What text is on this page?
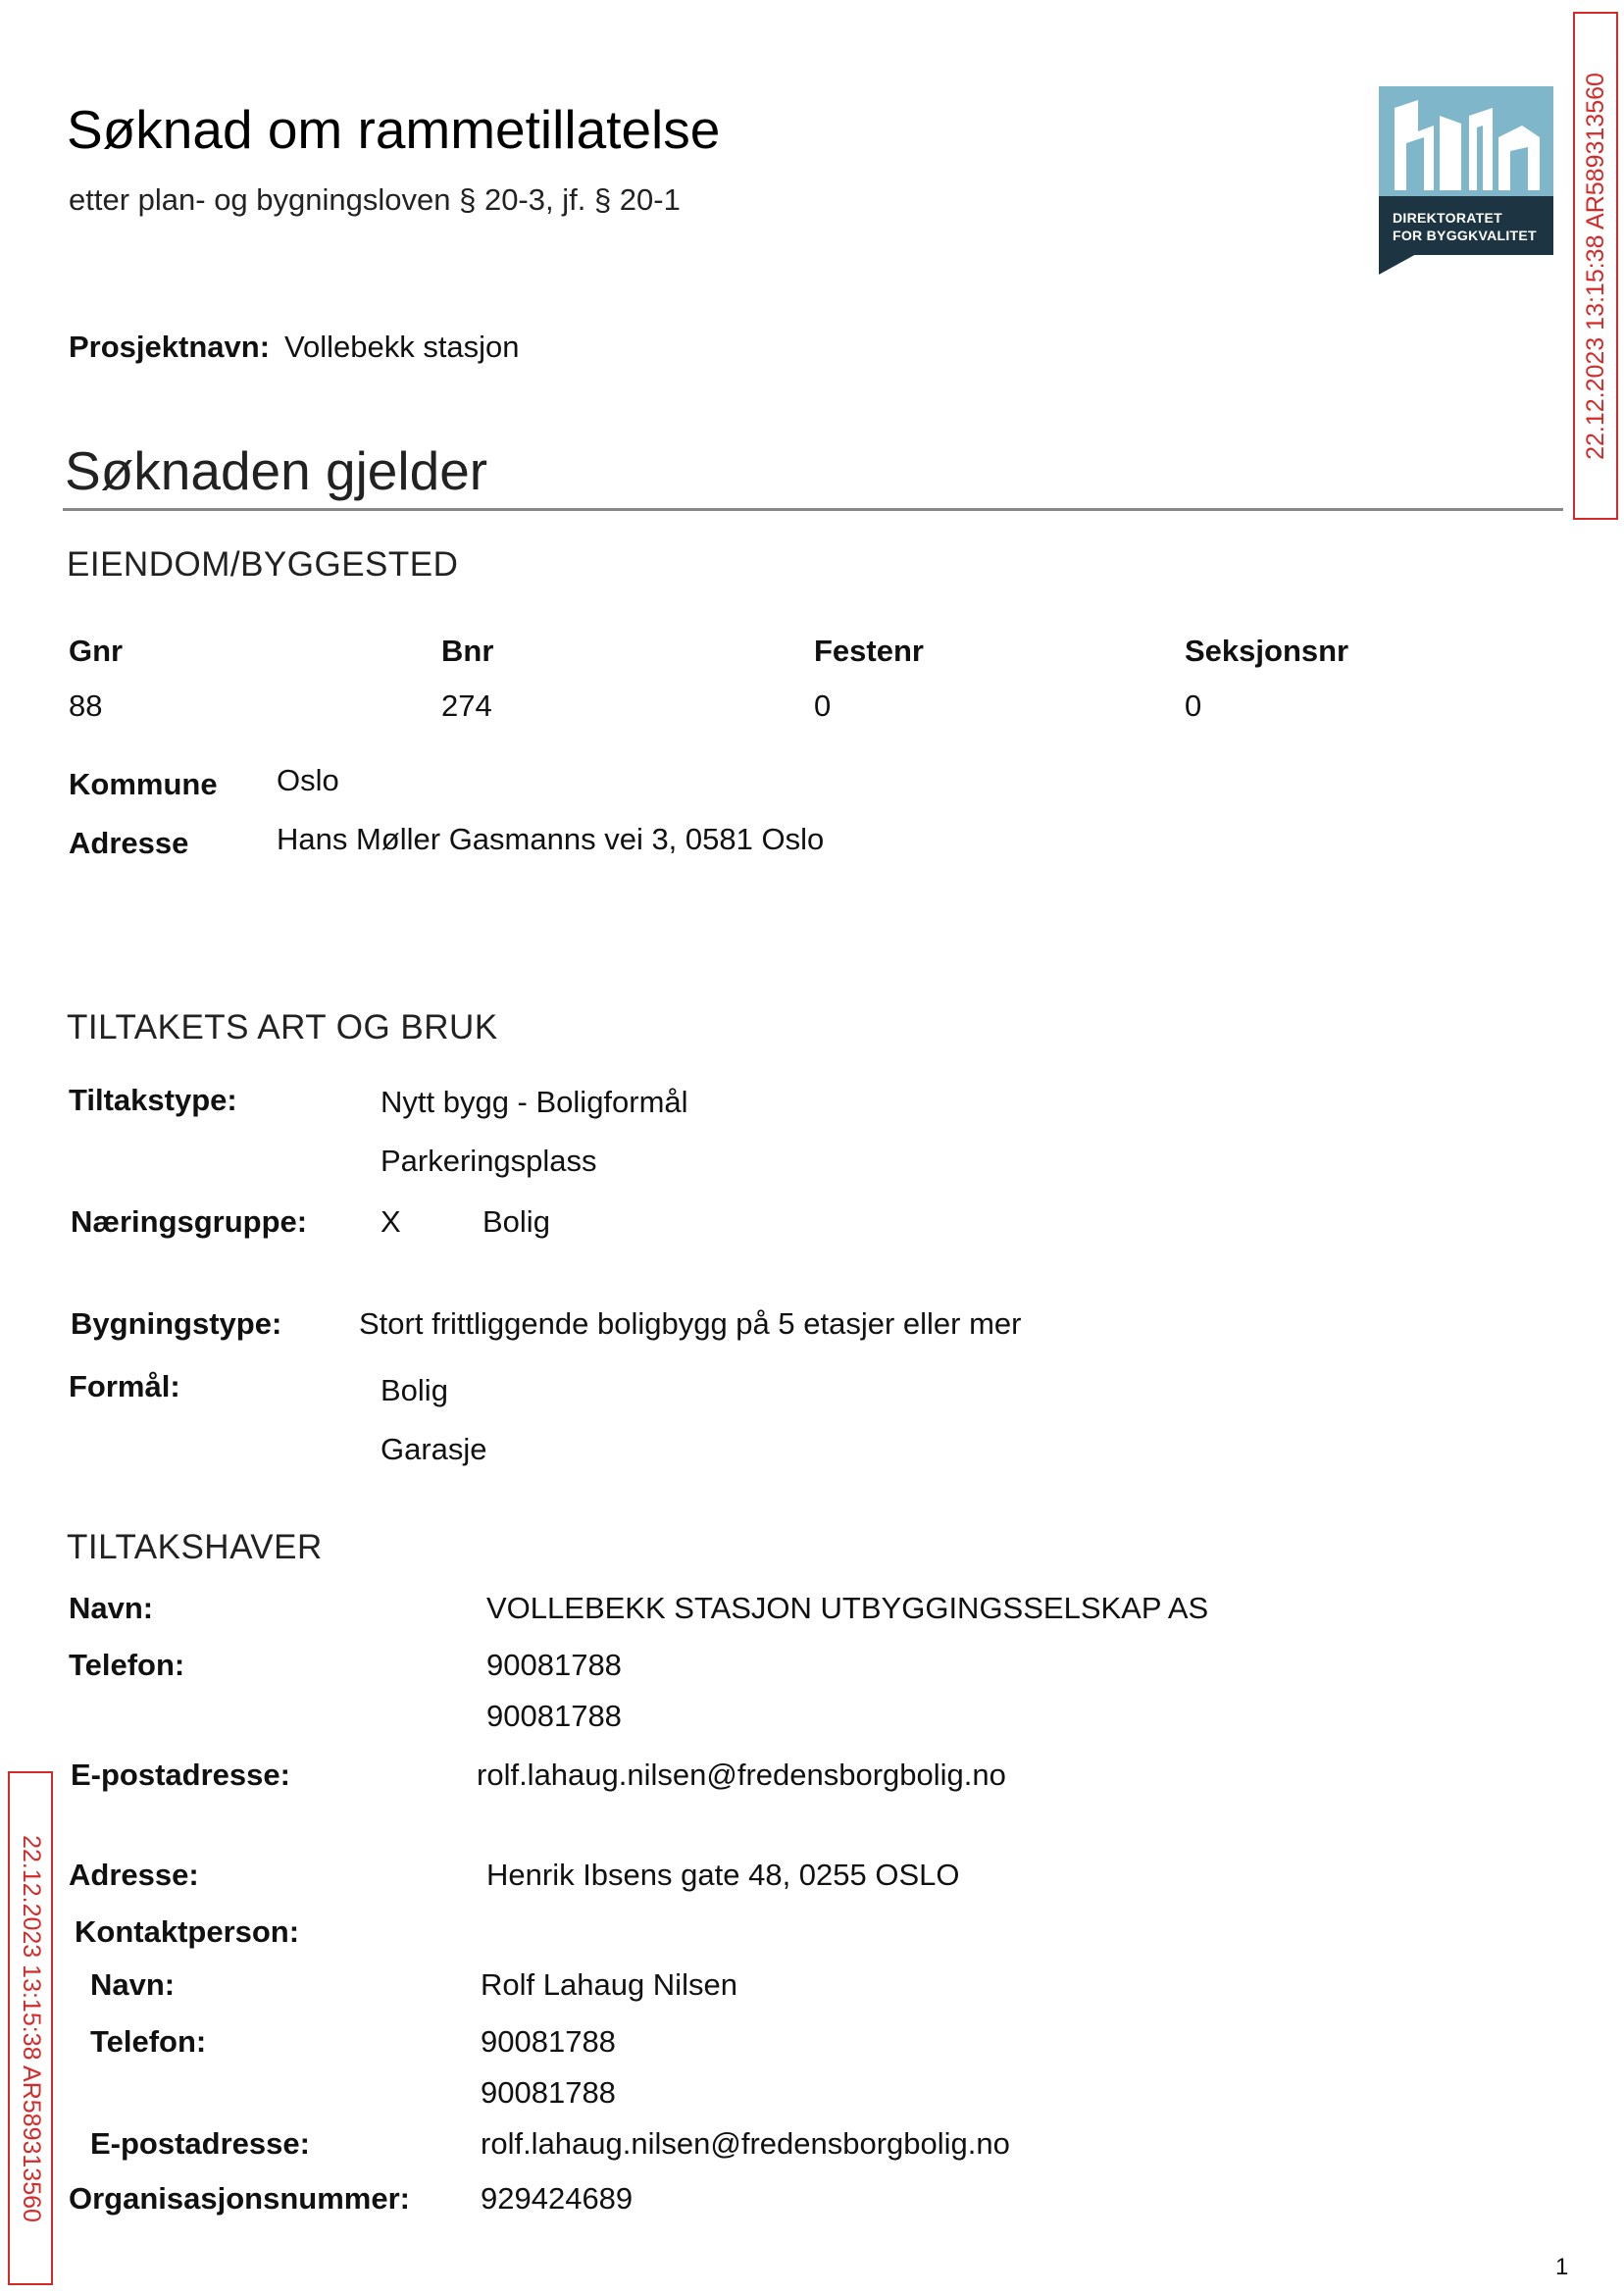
Søknad om rammetillatelse
etter plan- og bygningsloven § 20-3, jf. § 20-1
DIREKTORATET
FOR BYGGKVALITET 22.12.2023 13:15:38 AR589313560
22.12.2023 13:15:38 AR589313560
Prosjektnavn: Vollebekk stasjon
Søknaden gjelder
EIENDOM/BYGGESTED
Gnr	Bnr	Festenr	Seksjonsnr
88	274	0	0
Kommune Oslo
Adresse	Hans Møller Gasmanns vei 3, 0581 Oslo
TILTAKETS ART OG BRUK
Tiltakstype:	Nytt bygg - Boligformål
Parkeringsplass
Næringsgruppe: X	Bolig
Bygningstype:	Stort frittliggende boligbygg på 5 etasjer eller mer
Formål:	Bolig
Garasje
TILTAKSHAVER
Navn:	VOLLEBEKK STASJON UTBYGGINGSSELSKAP AS
Telefon:	90081788
90081788
E-postadresse:	rolf.lahaug.nilsen@fredensborgbolig.no
Adresse:	Henrik Ibsens gate 48, 0255 OSLO
Kontaktperson:
Navn:	Rolf Lahaug Nilsen
Telefon:	90081788
90081788
E-postadresse:	rolf.lahaug.nilsen@fredensborgbolig.no
Organisasjonsnummer: 929424689
1
